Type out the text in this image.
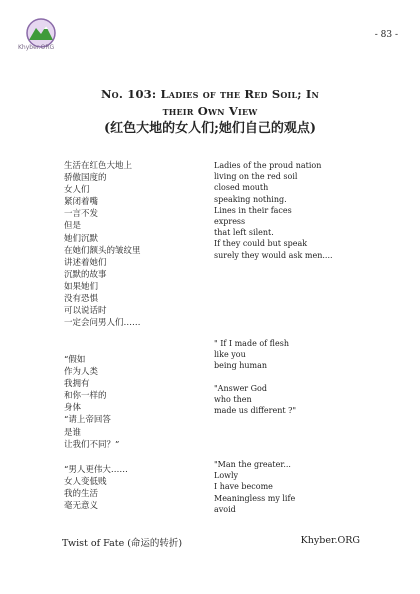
Khyber.ORG
- 83 -
No. 103: Ladies of the Red Soil; In
their Own View
(红色大地的女人们;她们自己的观点)
生活在红色大地上
骄傲国度的
女人们
紧闭着嘴
一言不发
但是
她们沉默
在她们额头的皱纹里
讲述着她们
沉默的故事
如果她们
没有恐惧
可以说话时
一定会问男人们……
Ladies of the proud nation
living on the red soil
closed mouth
speaking nothing.
Lines in their faces
express
that left silent.
If they could but speak
surely they would ask men....
“假如
作为人类
我拥有
和你一样的
身体
“请上帝回答
是谁
让我们不同？”
" If I made of flesh
like you
being human

"Answer God
who then
made us different ?"
“男人更伟大……
女人变低贱
我的生活
毫无意义
"Man the greater...
Lowly
I have become
Meaningless my life
avoid
Twist of Fate (命运的转折)	Khyber.ORG
